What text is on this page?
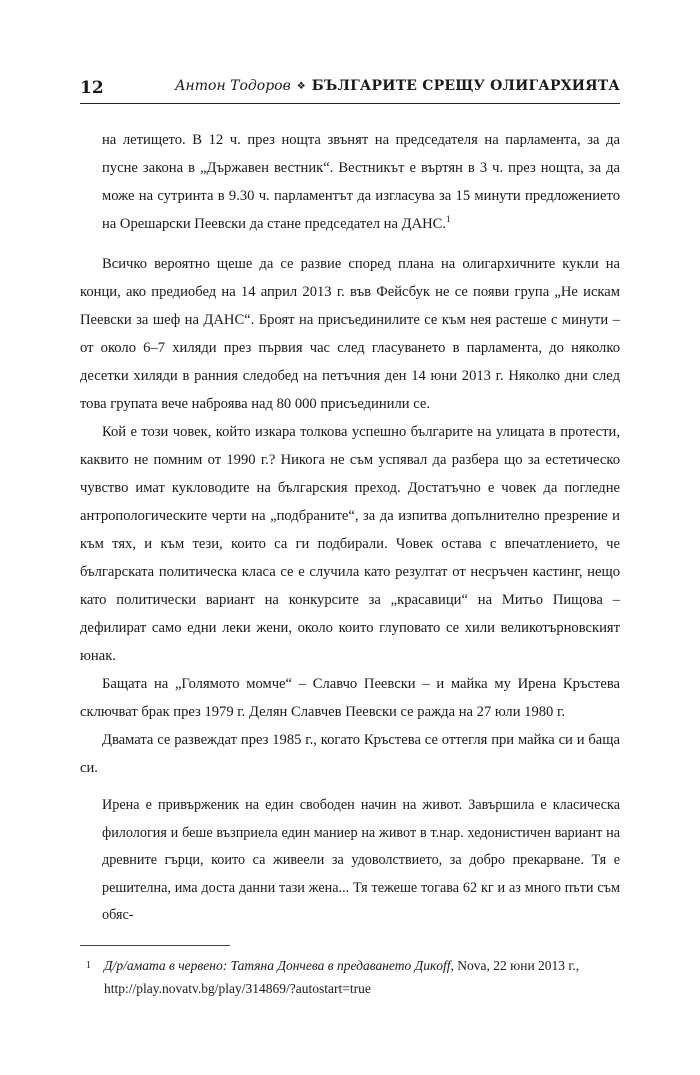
12	Антон Тодоров ❖ БЪЛГАРИТЕ СРЕЩУ ОЛИГАРХИЯТА
на летището. В 12 ч. през нощта звънят на председателя на парламента, за да пусне закона в „Държавен вестник“. Вестникът е въртян в 3 ч. през нощта, за да може на сутринта в 9.30 ч. парламентът да изгласува за 15 минути предложението на Орешарски Пеевски да стане председател на ДАНС.$^1$

Всичко вероятно щеше да се развие според плана на олигархичните кукли на конци, ако предиобед на 14 април 2013 г. във Фейсбук не се появи група „Не искам Пеевски за шеф на ДАНС“. Броят на присъединилите се към нея растеше с минути – от около 6–7 хиляди през първия час след гласуването в парламента, до няколко десетки хиляди в ранния следобед на петъчния ден 14 юни 2013 г. Няколко дни след това групата вече наброява над 80 000 присъединили се.

Кой е този човек, който изкара толкова успешно българите на улицата в протести, каквито не помним от 1990 г.? Никога не съм успявал да разбера що за естетическо чувство имат кукловодите на българския преход. Достатъчно е човек да погледне антропологическите черти на „подбраните“, за да изпитва допълнително презрение и към тях, и към тези, които са ги подбирали. Човек остава с впечатлението, че българската политическа класа се е случила като резултат от несръчен кастинг, нещо като политически вариант на конкурсите за „красавици“ на Митьо Пищова – дефилират само едни леки жени, около които глуповато се хили великотърновският юнак.

Бащата на „Голямото момче“ – Славчо Пеевски – и майка му Ирена Кръстева сключват брак през 1979 г. Делян Славчев Пеевски се ражда на 27 юли 1980 г.

Двамата се развеждат през 1985 г., когато Кръстева се оттегля при майка си и баща си.

Ирена е привърженик на един свободен начин на живот. Завършила е класическа филология и беше възприела един маниер на живот в т.нар. хедонистичен вариант на древните гърци, които са живеели за удоволствието, за добро прекарване. Тя е решителна, има доста данни тази жена... Тя тежеше тогава 62 кг и аз много пъти съм обяс-
1 Д/р/амата в червено: Татяна Дончева в предаването Дикoff, Nova, 22 юни 2013 г., http://play.novatv.bg/play/314869/?autostart=true
